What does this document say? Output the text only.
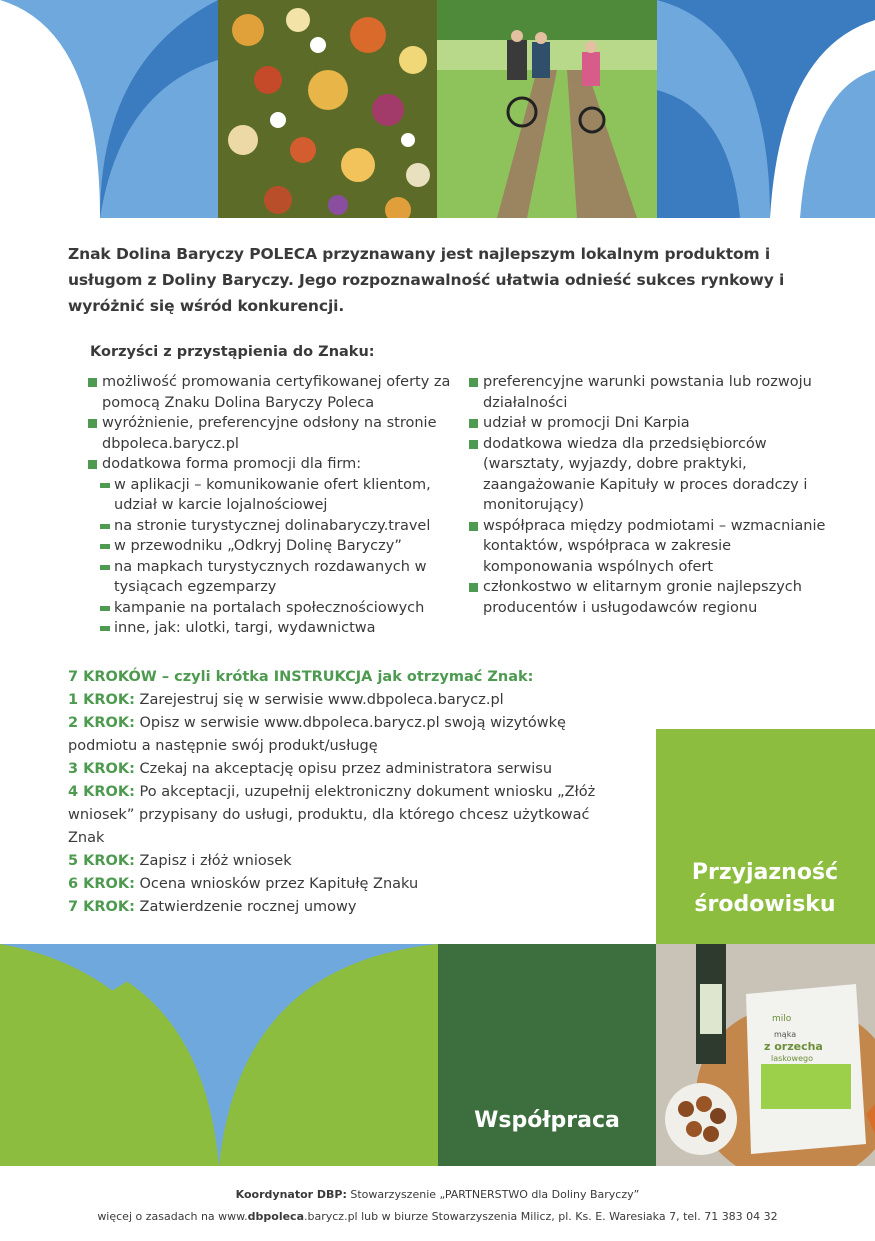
Znak Dolina Baryczy POLECA przyznawany jest najlepszym lokalnym produktom i usługom z Doliny Baryczy. Jego rozpoznawalność ułatwia odnieść sukces rynkowy i wyróżnić się wśród konkurencji.

Korzyści z przystąpienia do Znaku:
możliwość promowania certyfikowanej oferty za pomocą Znaku Dolina Baryczy Poleca
wyróżnienie, preferencyjne odsłony na stronie dbpoleca.barycz.pl
dodatkowa forma promocji dla firm:
w aplikacji – komunikowanie ofert klientom, udział w karcie lojalnościowej
na stronie turystycznej dolinabaryczy.travel
w przewodniku „Odkryj Dolinę Baryczy”
na mapkach turystycznych rozdawanych w tysiącach egzemparzy
kampanie na portalach społecznościowych
inne, jak: ulotki, targi, wydawnictwa
preferencyjne warunki powstania lub rozwoju działalności
udział w promocji Dni Karpia
dodatkowa wiedza dla przedsiębiorców (warsztaty, wyjazdy, dobre praktyki, zaangażowanie Kapituły w proces doradczy i monitorujący)
współpraca między podmiotami – wzmacnianie kontaktów, współpraca w zakresie komponowania wspólnych ofert
członkostwo w elitarnym gronie najlepszych producentów i usługodawców regionu
7 KROKÓW – czyli krótka INSTRUKCJA jak otrzymać Znak:
1 KROK: Zarejestruj się w serwisie www.dbpoleca.barycz.pl
2 KROK: Opisz w serwisie www.dbpoleca.barycz.pl swoją wizytówkę podmiotu a następnie swój produkt/usługę
3 KROK: Czekaj na akceptację opisu przez administratora serwisu
4 KROK: Po akceptacji, uzupełnij elektroniczny dokument wniosku „Złóż wniosek” przypisany do usługi, produktu, dla którego chcesz użytkować Znak
5 KROK: Zapisz i złóż wniosek
6 KROK: Ocena wniosków przez Kapitułę Znaku
7 KROK: Zatwierdzenie rocznej umowy
Przyjazność
środowisku
Współpraca
milo
mąka
z orzecha
laskowego
Koordynator DBP: Stowarzyszenie „PARTNERSTWO dla Doliny Baryczy”
więcej o zasadach na www.dbpoleca.barycz.pl lub w biurze Stowarzyszenia Milicz, pl. Ks. E. Waresiaka 7, tel. 71 383 04 32
